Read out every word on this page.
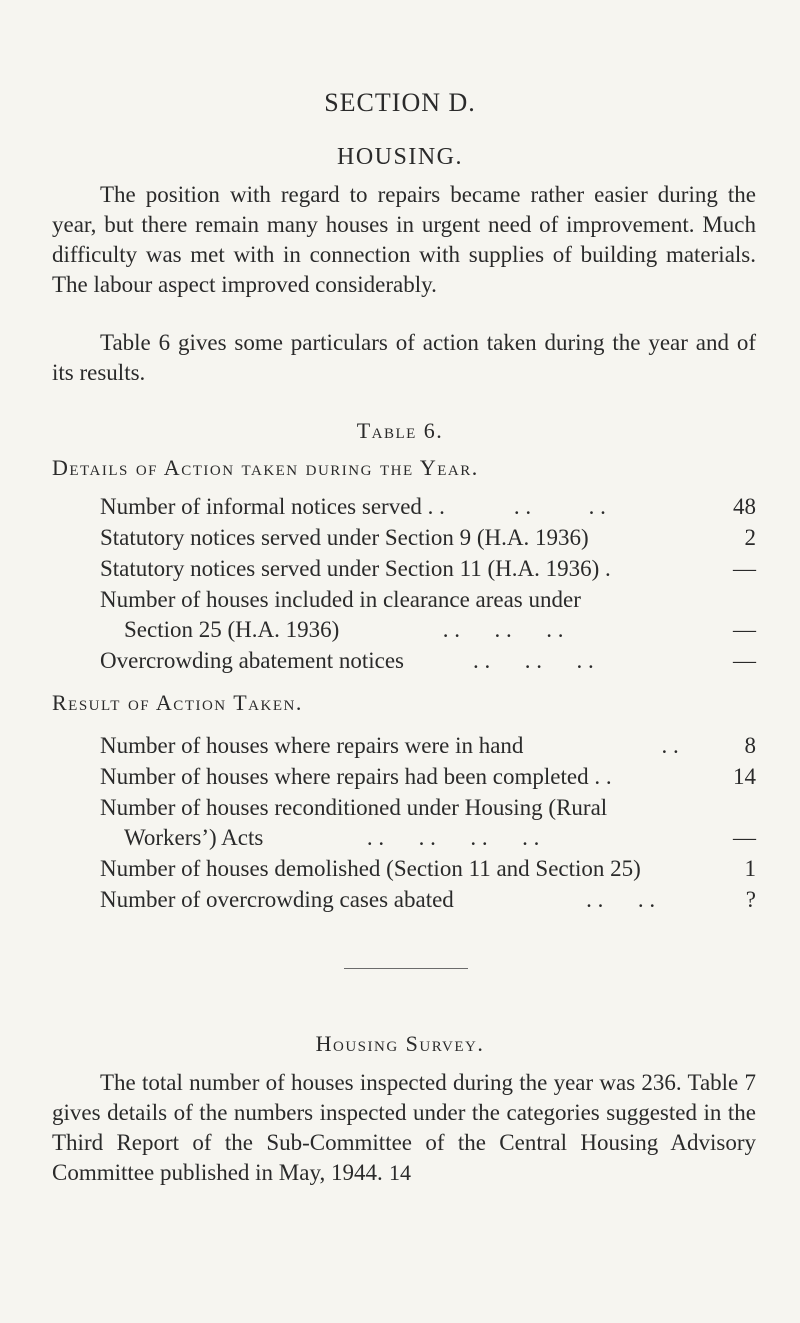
SECTION D.
HOUSING.
The position with regard to repairs became rather easier during the year, but there remain many houses in urgent need of improvement. Much difficulty was met with in connection with supplies of building materials. The labour aspect improved considerably.
Table 6 gives some particulars of action taken during the year and of its results.
Table 6.
Details of Action taken during the Year.
Number of informal notices served . .	. .	. .	48
Statutory notices served under Section 9 (H.A. 1936)	2
Statutory notices served under Section 11 (H.A. 1936) .	—
Number of houses included in clearance areas under
Section 25 (H.A. 1936)	. .      . .      . .	—
Overcrowding abatement notices	. .      . .      . .	—
Result of Action Taken.
Number of houses where repairs were in hand	. .	8
Number of houses where repairs had been completed . .	14
Number of houses reconditioned under Housing (Rural
Workers’) Acts	. .      . .      . .      . .	—
Number of houses demolished (Section 11 and Section 25)	1
Number of overcrowding cases abated	. .      . .	?
Housing Survey.
The total number of houses inspected during the year was 236. Table 7 gives details of the numbers inspected under the categories suggested in the Third Report of the Sub-Committee of the Central Housing Advisory Committee published in May, 1944. 14
